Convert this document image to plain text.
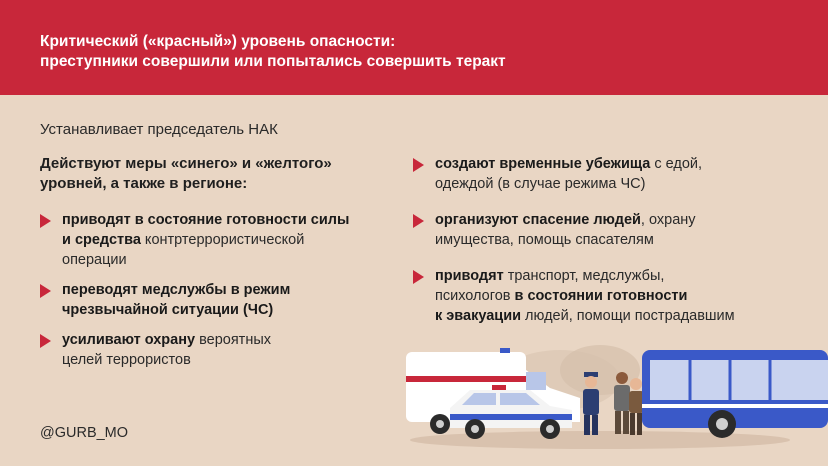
Критический («красный») уровень опасности:
преступники совершили или попытались совершить теракт
Устанавливает председатель НАК
Действуют меры «синего» и «желтого»
уровней, а также в регионе:
приводят в состояние готовности силы
и средства контртеррористической
операции
переводят медслужбы в режим
чрезвычайной ситуации (ЧС)
усиливают охрану вероятных
целей террористов
создают временные убежища с едой,
одеждой (в случае режима ЧС)
организуют спасение людей, охрану
имущества, помощь спасателям
приводят транспорт, медслужбы,
психологов в состоянии готовности
к эвакуации людей, помощи пострадавшим
@GURB_MO
